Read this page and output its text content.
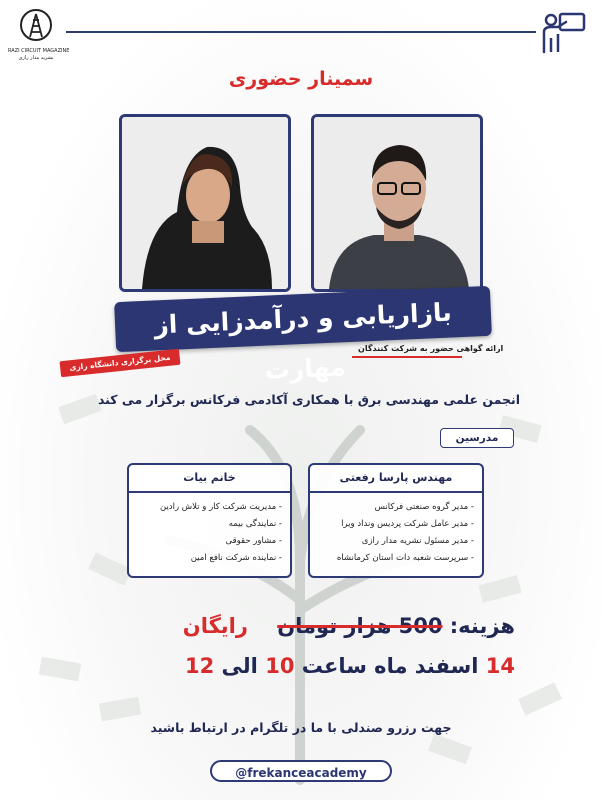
RAZI CIRCUIT MAGAZINE
نشریه مدار رازی
سمینار حضوری
بازاریابی و درآمدزایی از مهارت
ارائه گواهی حضور به شرکت کنندگان
محل برگزاری دانشگاه رازی
انجمن علمی مهندسی برق با همکاری آکادمی فرکانس برگزار می کند
مدرسین
مهندس پارسا رفعتی
- مدیر گروه صنعتی فرکانس
- مدیر عامل شرکت پردیس ونداد ویرا
- مدیر مسئول نشریه مدار رازی
- سرپرست شعبه دات استان کرمانشاه
خانم بیات
- مدیریت شرکت کار و تلاش رادین
- نمایندگی بیمه
- مشاور حقوقی
- نماینده شرکت نافع امین
هزینه: 500 هزار تومان    رایگان
14 اسفند ماه ساعت 10 الی 12
جهت رزرو صندلی با ما در تلگرام در ارتباط باشید
@frekanceacademy
